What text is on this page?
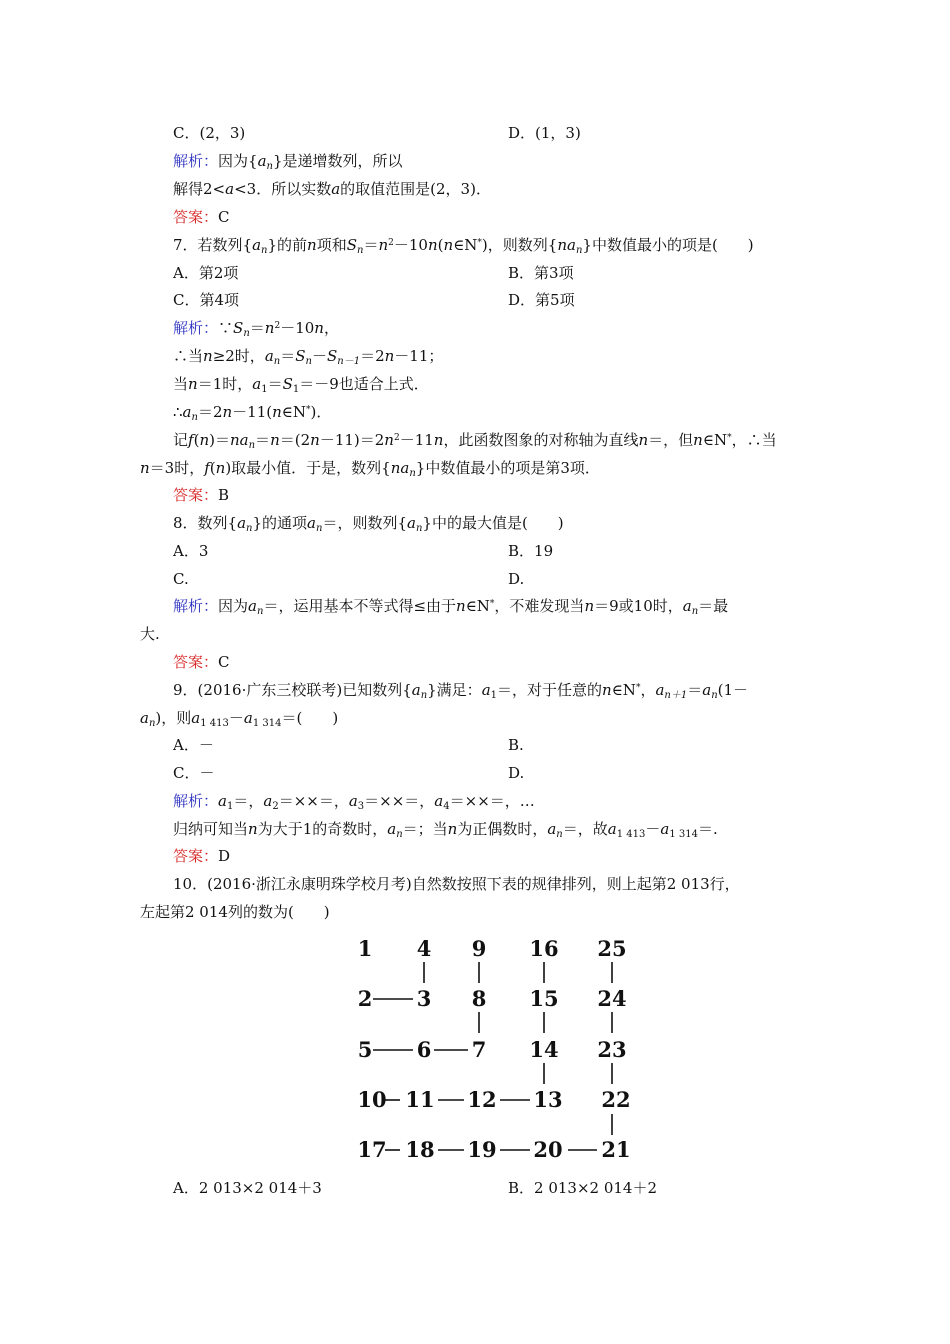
C．(2，3)	D．(1，3)
解析：因为$\{a_n\}$是递增数列，所以
解得2<a<3．所以实数a的取值范围是(2，3)．
答案：C
7．若数列$\{a_n\}$的前n项和$S_n=n^2-10n(n\in N^*)$，则数列$\{na_n\}$中数值最小的项是(　　)
A．第2项	B．第3项
C．第4项	D．第5项
解析：$\because S_n=n^2-10n$，
∴当n≥2时，$a_n=S_n-S_{n-1}=2n-11$；
当n＝1时，$a_1=S_1=-9$也适合上式．
$\therefore a_n=2n-11(n\in N^*)$．
记$f(n)=na_n=n=(2n-11)=2n^2-11n$，此函数图象的对称轴为直线n＝，但n∈N*，∴当
n＝3时，f(n)取最小值．于是，数列$\{na_n\}$中数值最小的项是第3项．
答案：B
8．数列$\{a_n\}$的通项$a_n=$，则数列$\{a_n\}$中的最大值是(　　)
A．3	B．19
C.	D.
解析：因为$a_n=$，运用基本不等式得≤由于n∈N*，不难发现当n＝9或10时，$a_n=$最
大.
答案：C
9．(2016·广东三校联考)已知数列$\{a_n\}$满足：$a_1=$，对于任意的n∈N*，$a_{n+1}=a_n(1-$
$a_n$)，则$a_{1 413}-a_{1 314}=$(　　)
A．－	B.
C．－	D.
解析：$a_1=$，$a_2=\times\times=$，$a_3=\times\times=$，$a_4=\times\times=$，…
归纳可知当n为大于1的奇数时，$a_n=$；当n为正偶数时，$a_n=$，故$a_{1 413}-a_{1 314}=$.
答案：D
10．(2016·浙江永康明珠学校月考)自然数按照下表的规律排列，则上起第2 013行，
左起第2 014列的数为(　　)
1 4 9 16 25
2 3 8 15 24
5 6 7 14 23
10 11 12 13 22
17 18 19 20 21
A．2 013×2 014＋3	B．2 013×2 014＋2
